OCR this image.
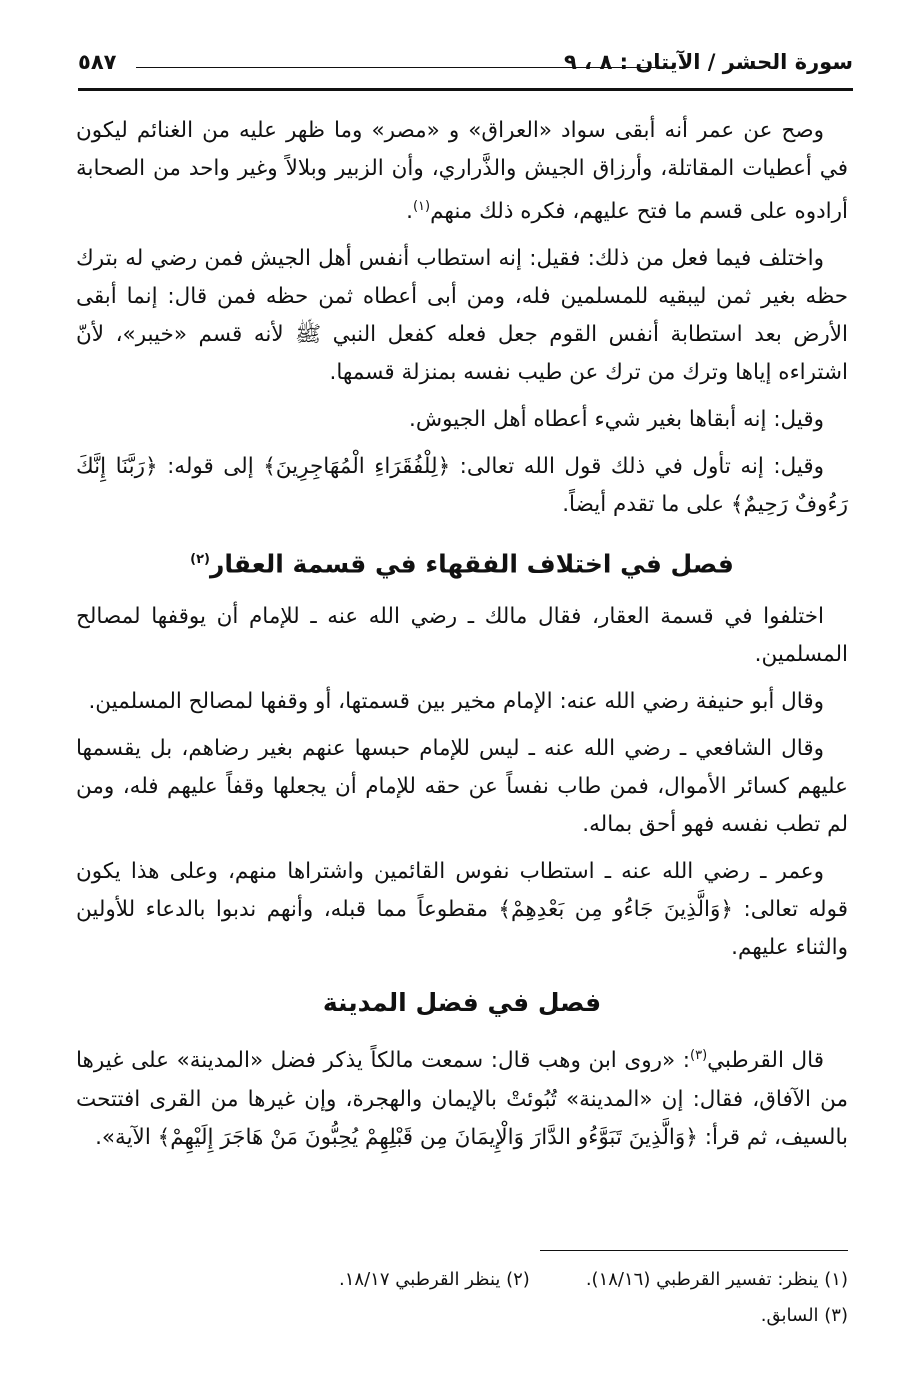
سورة الحشر / الآيتان : ٨ ، ٩
٥٨٧

وصح عن عمر أنه أبقى سواد «العراق» و «مصر» وما ظهر عليه من الغنائم ليكون في أعطيات المقاتلة، وأرزاق الجيش والذَّراري، وأن الزبير وبلالاً وغير واحد من الصحابة أرادوه على قسم ما فتح عليهم، فكره ذلك منهم$^{(١)}$.

واختلف فيما فعل من ذلك: فقيل: إنه استطاب أنفس أهل الجيش فمن رضي له بترك حظه بغير ثمن ليبقيه للمسلمين فله، ومن أبى أعطاه ثمن حظه فمن قال: إنما أبقى الأرض بعد استطابة أنفس القوم جعل فعله كفعل النبي ﷺ لأنه قسم «خيبر»، لأنّ اشتراءه إياها وترك من ترك عن طيب نفسه بمنزلة قسمها.

وقيل: إنه أبقاها بغير شيء أعطاه أهل الجيوش.

وقيل: إنه تأول في ذلك قول الله تعالى: ﴿لِلْفُقَرَاءِ الْمُهَاجِرِينَ﴾ إلى قوله: ﴿رَبَّنَا إِنَّكَ رَءُوفٌ رَحِيمٌ﴾ على ما تقدم أيضاً.

فصل في اختلاف الفقهاء في قسمة العقار$^{(٢)}$

اختلفوا في قسمة العقار، فقال مالك ـ رضي الله عنه ـ للإمام أن يوقفها لمصالح المسلمين.

وقال أبو حنيفة رضي الله عنه: الإمام مخير بين قسمتها، أو وقفها لمصالح المسلمين.

وقال الشافعي ـ رضي الله عنه ـ ليس للإمام حبسها عنهم بغير رضاهم، بل يقسمها عليهم كسائر الأموال، فمن طاب نفساً عن حقه للإمام أن يجعلها وقفاً عليهم فله، ومن لم تطب نفسه فهو أحق بماله.

وعمر ـ رضي الله عنه ـ استطاب نفوس القائمين واشتراها منهم، وعلى هذا يكون قوله تعالى: ﴿وَالَّذِينَ جَاءُو مِن بَعْدِهِمْ﴾ مقطوعاً مما قبله، وأنهم ندبوا بالدعاء للأولين والثناء عليهم.

فصل في فضل المدينة

قال القرطبي$^{(٣)}$: «روى ابن وهب قال: سمعت مالكاً يذكر فضل «المدينة» على غيرها من الآفاق، فقال: إن «المدينة» تُبُوئتْ بالإيمان والهجرة، وإن غيرها من القرى افتتحت بالسيف، ثم قرأ: ﴿وَالَّذِينَ تَبَوَّءُو الدَّارَ وَالْإِيمَانَ مِن قَبْلِهِمْ يُحِبُّونَ مَنْ هَاجَرَ إِلَيْهِمْ﴾ الآية».

(١) ينظر: تفسير القرطبي (١٨/١٦).
(٢) ينظر القرطبي ١٨/١٧.
(٣) السابق.
